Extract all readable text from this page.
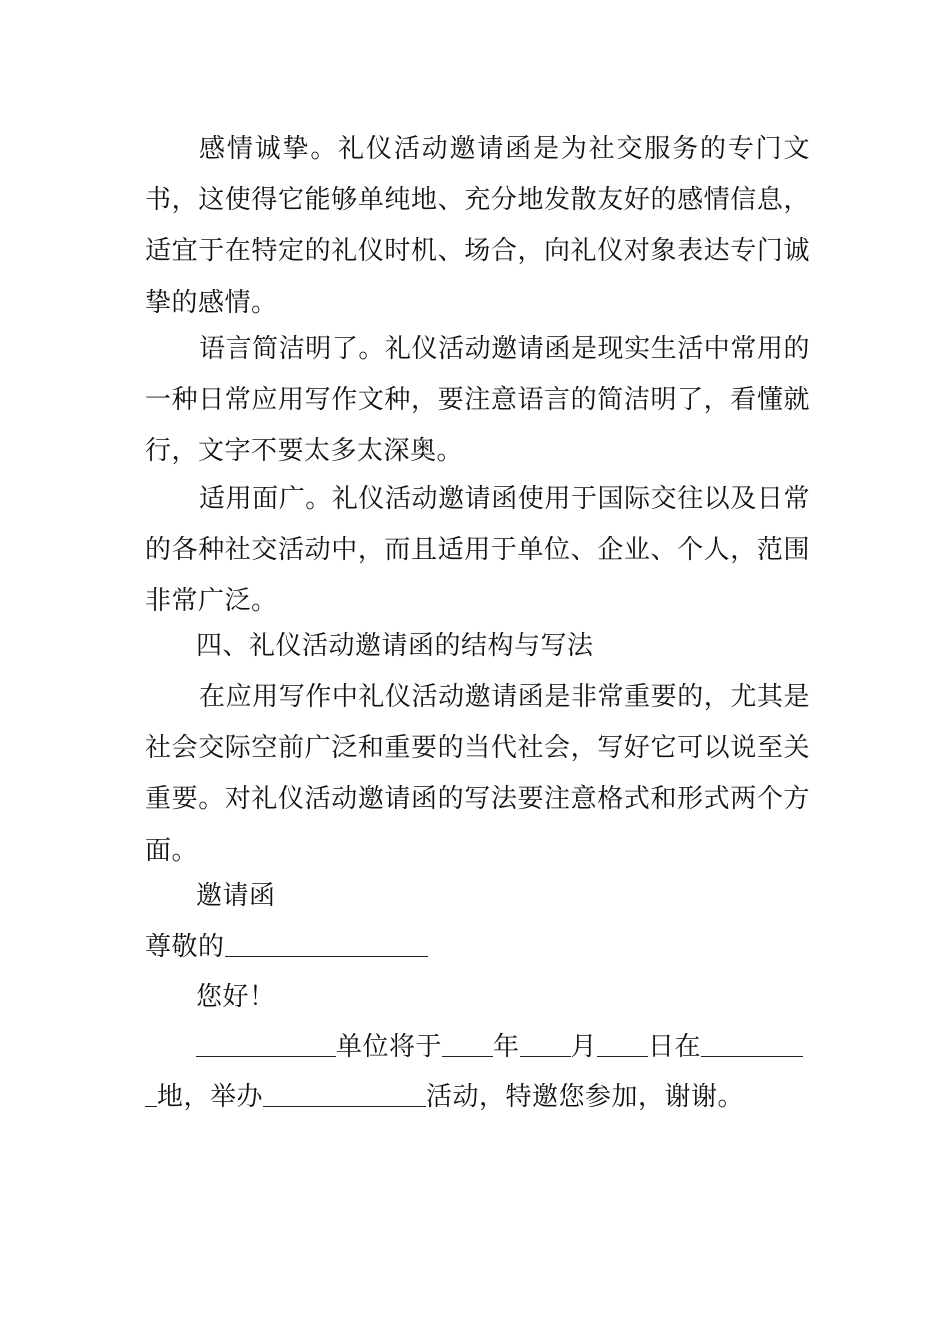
感情诚挚。礼仪活动邀请函是为社交服务的专门文书，这使得它能够单纯地、充分地发散友好的感情信息，适宜于在特定的礼仪时机、场合，向礼仪对象表达专门诚挚的感情。
语言简洁明了。礼仪活动邀请函是现实生活中常用的一种日常应用写作文种，要注意语言的简洁明了，看懂就行，文字不要太多太深奥。
适用面广。礼仪活动邀请函使用于国际交往以及日常的各种社交活动中，而且适用于单位、企业、个人，范围非常广泛。
四、礼仪活动邀请函的结构与写法
在应用写作中礼仪活动邀请函是非常重要的，尤其是社会交际空前广泛和重要的当代社会，写好它可以说至关重要。对礼仪活动邀请函的写法要注意格式和形式两个方面。
邀请函
尊敬的
您好！
单位将于 年 月 日在
地，举办	活动，特邀您参加，谢谢。
